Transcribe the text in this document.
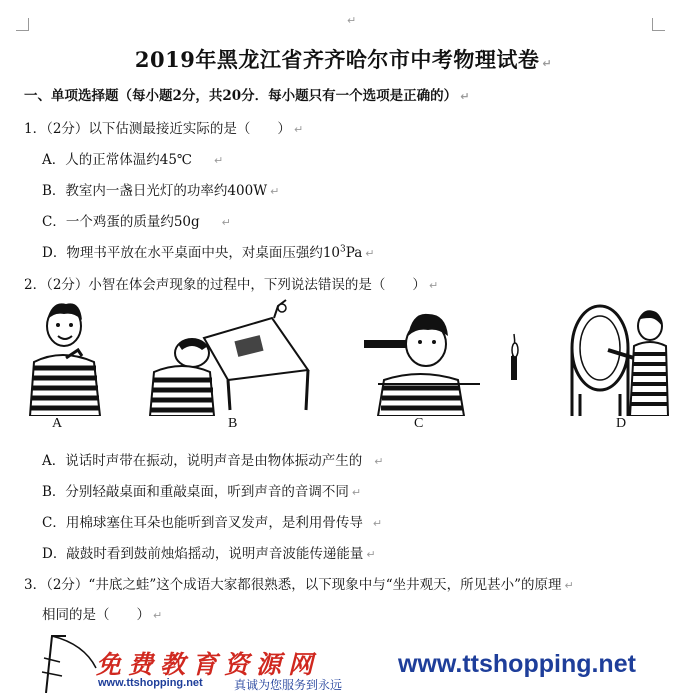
↵
2019年黑龙江省齐齐哈尔市中考物理试卷 ↵
一、单项选择题（每小题2分，共20分．每小题只有一个选项是正确的） ↵
1．（2分）以下估测最接近实际的是（　　） ↵
A．人的正常体温约45℃ ↵
B．教室内一盏日光灯的功率约400W ↵
C．一个鸡蛋的质量约50g ↵
D．物理书平放在水平桌面中央，对桌面压强约$10^3Pa$ ↵
2．（2分）小智在体会声现象的过程中，下列说法错误的是（　　） ↵
A	B	C	D
A．说话时声带在振动，说明声音是由物体振动产生的 ↵
B．分别轻敲桌面和重敲桌面，听到声音的音调不同 ↵
C．用棉球塞住耳朵也能听到音叉发声，是利用骨传导 ↵
D．敲鼓时看到鼓前烛焰摇动，说明声音波能传递能量 ↵
3．（2分）“井底之蛙”这个成语大家都很熟悉，以下现象中与“坐井观天，所见甚小”的原理 ↵
相同的是（　　） ↵
免费教育资源网
www.ttshopping.net	真诚为您服务到永远
www.ttshopping.net
